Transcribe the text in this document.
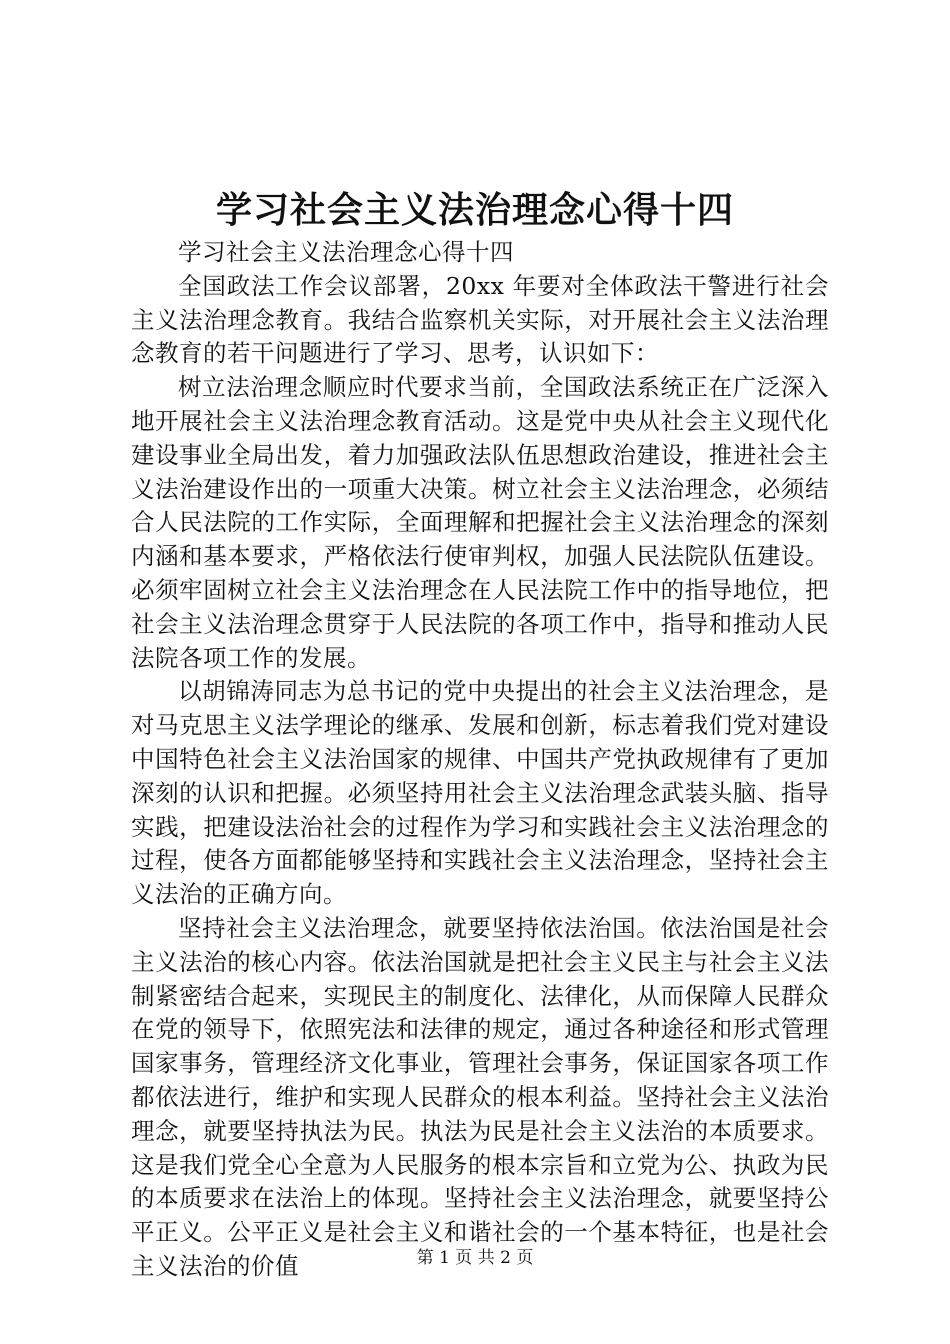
学习社会主义法治理念心得十四

学习社会主义法治理念心得十四

全国政法工作会议部署，20xx 年要对全体政法干警进行社会主义法治理念教育。我结合监察机关实际，对开展社会主义法治理念教育的若干问题进行了学习、思考，认识如下：

树立法治理念顺应时代要求当前，全国政法系统正在广泛深入地开展社会主义法治理念教育活动。这是党中央从社会主义现代化建设事业全局出发，着力加强政法队伍思想政治建设，推进社会主义法治建设作出的一项重大决策。树立社会主义法治理念，必须结合人民法院的工作实际，全面理解和把握社会主义法治理念的深刻内涵和基本要求，严格依法行使审判权，加强人民法院队伍建设。必须牢固树立社会主义法治理念在人民法院工作中的指导地位，把社会主义法治理念贯穿于人民法院的各项工作中，指导和推动人民法院各项工作的发展。

以胡锦涛同志为总书记的党中央提出的社会主义法治理念，是对马克思主义法学理论的继承、发展和创新，标志着我们党对建设中国特色社会主义法治国家的规律、中国共产党执政规律有了更加深刻的认识和把握。必须坚持用社会主义法治理念武装头脑、指导实践，把建设法治社会的过程作为学习和实践社会主义法治理念的过程，使各方面都能够坚持和实践社会主义法治理念，坚持社会主义法治的正确方向。

坚持社会主义法治理念，就要坚持依法治国。依法治国是社会主义法治的核心内容。依法治国就是把社会主义民主与社会主义法制紧密结合起来，实现民主的制度化、法律化，从而保障人民群众在党的领导下，依照宪法和法律的规定，通过各种途径和形式管理国家事务，管理经济文化事业，管理社会事务，保证国家各项工作都依法进行，维护和实现人民群众的根本利益。坚持社会主义法治理念，就要坚持执法为民。执法为民是社会主义法治的本质要求。这是我们党全心全意为人民服务的根本宗旨和立党为公、执政为民的本质要求在法治上的体现。坚持社会主义法治理念，就要坚持公平正义。公平正义是社会主义和谐社会的一个基本特征，也是社会主义法治的价值	第 1 页 共 2 页
